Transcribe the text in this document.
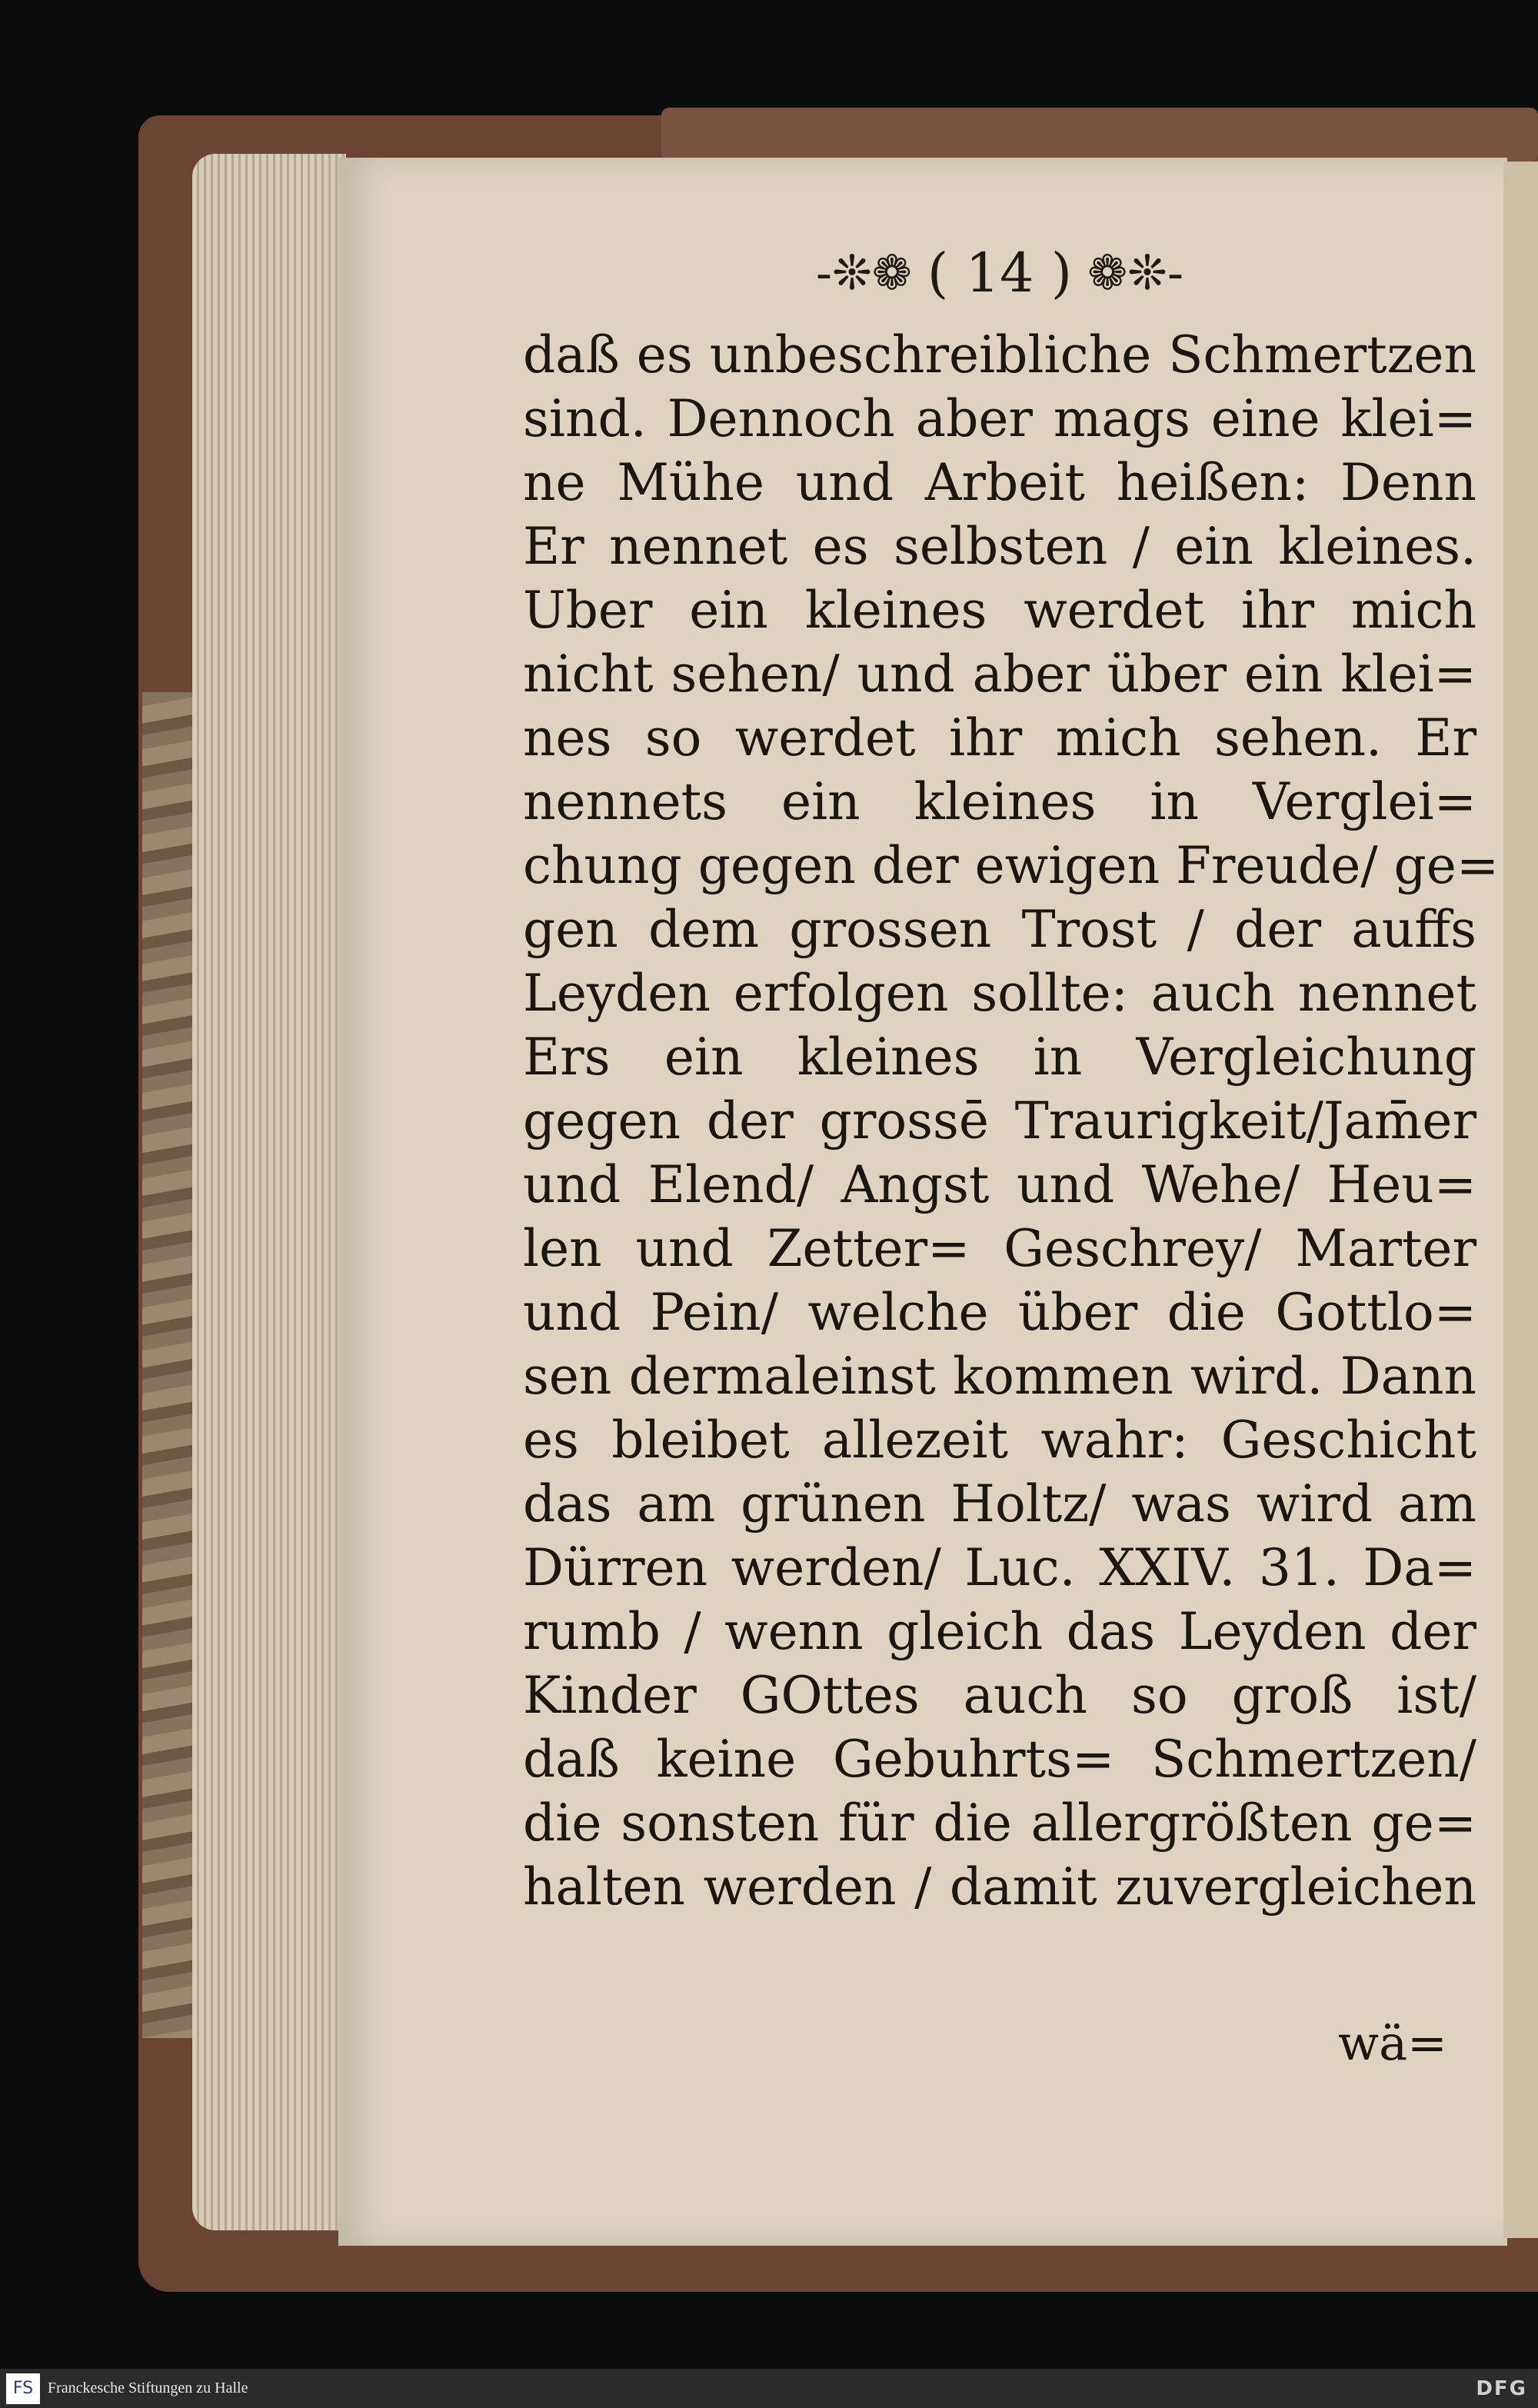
-❊❁ ( 14 ) ❁❊-
daß es unbeschreibliche Schmertzen
sind. Dennoch aber mags eine klei=
ne Mühe und Arbeit heißen: Denn
Er nennet es selbsten / ein kleines.
Uber ein kleines werdet ihr mich
nicht sehen/ und aber über ein klei=
nes so werdet ihr mich sehen. Er
nennets ein kleines in Verglei=
chung gegen der ewigen Freude/ ge=
gen dem grossen Trost / der auffs
Leyden erfolgen sollte: auch nennet
Ers ein kleines in Vergleichung
gegen der grossē Traurigkeit/Jam̄er
und Elend/ Angst und Wehe/ Heu=
len und Zetter= Geschrey/ Marter
und Pein/ welche über die Gottlo=
sen dermaleinst kommen wird. Dann
es bleibet allezeit wahr: Geschicht
das am grünen Holtz/ was wird am
Dürren werden/ Luc. XXIV. 31. Da=
rumb / wenn gleich das Leyden der
Kinder GOttes auch so groß ist/
daß keine Gebuhrts= Schmertzen/
die sonsten für die allergrößten ge=
halten werden / damit zuvergleichen
wä=
FS Franckesche Stiftungen zu Halle	DFG
